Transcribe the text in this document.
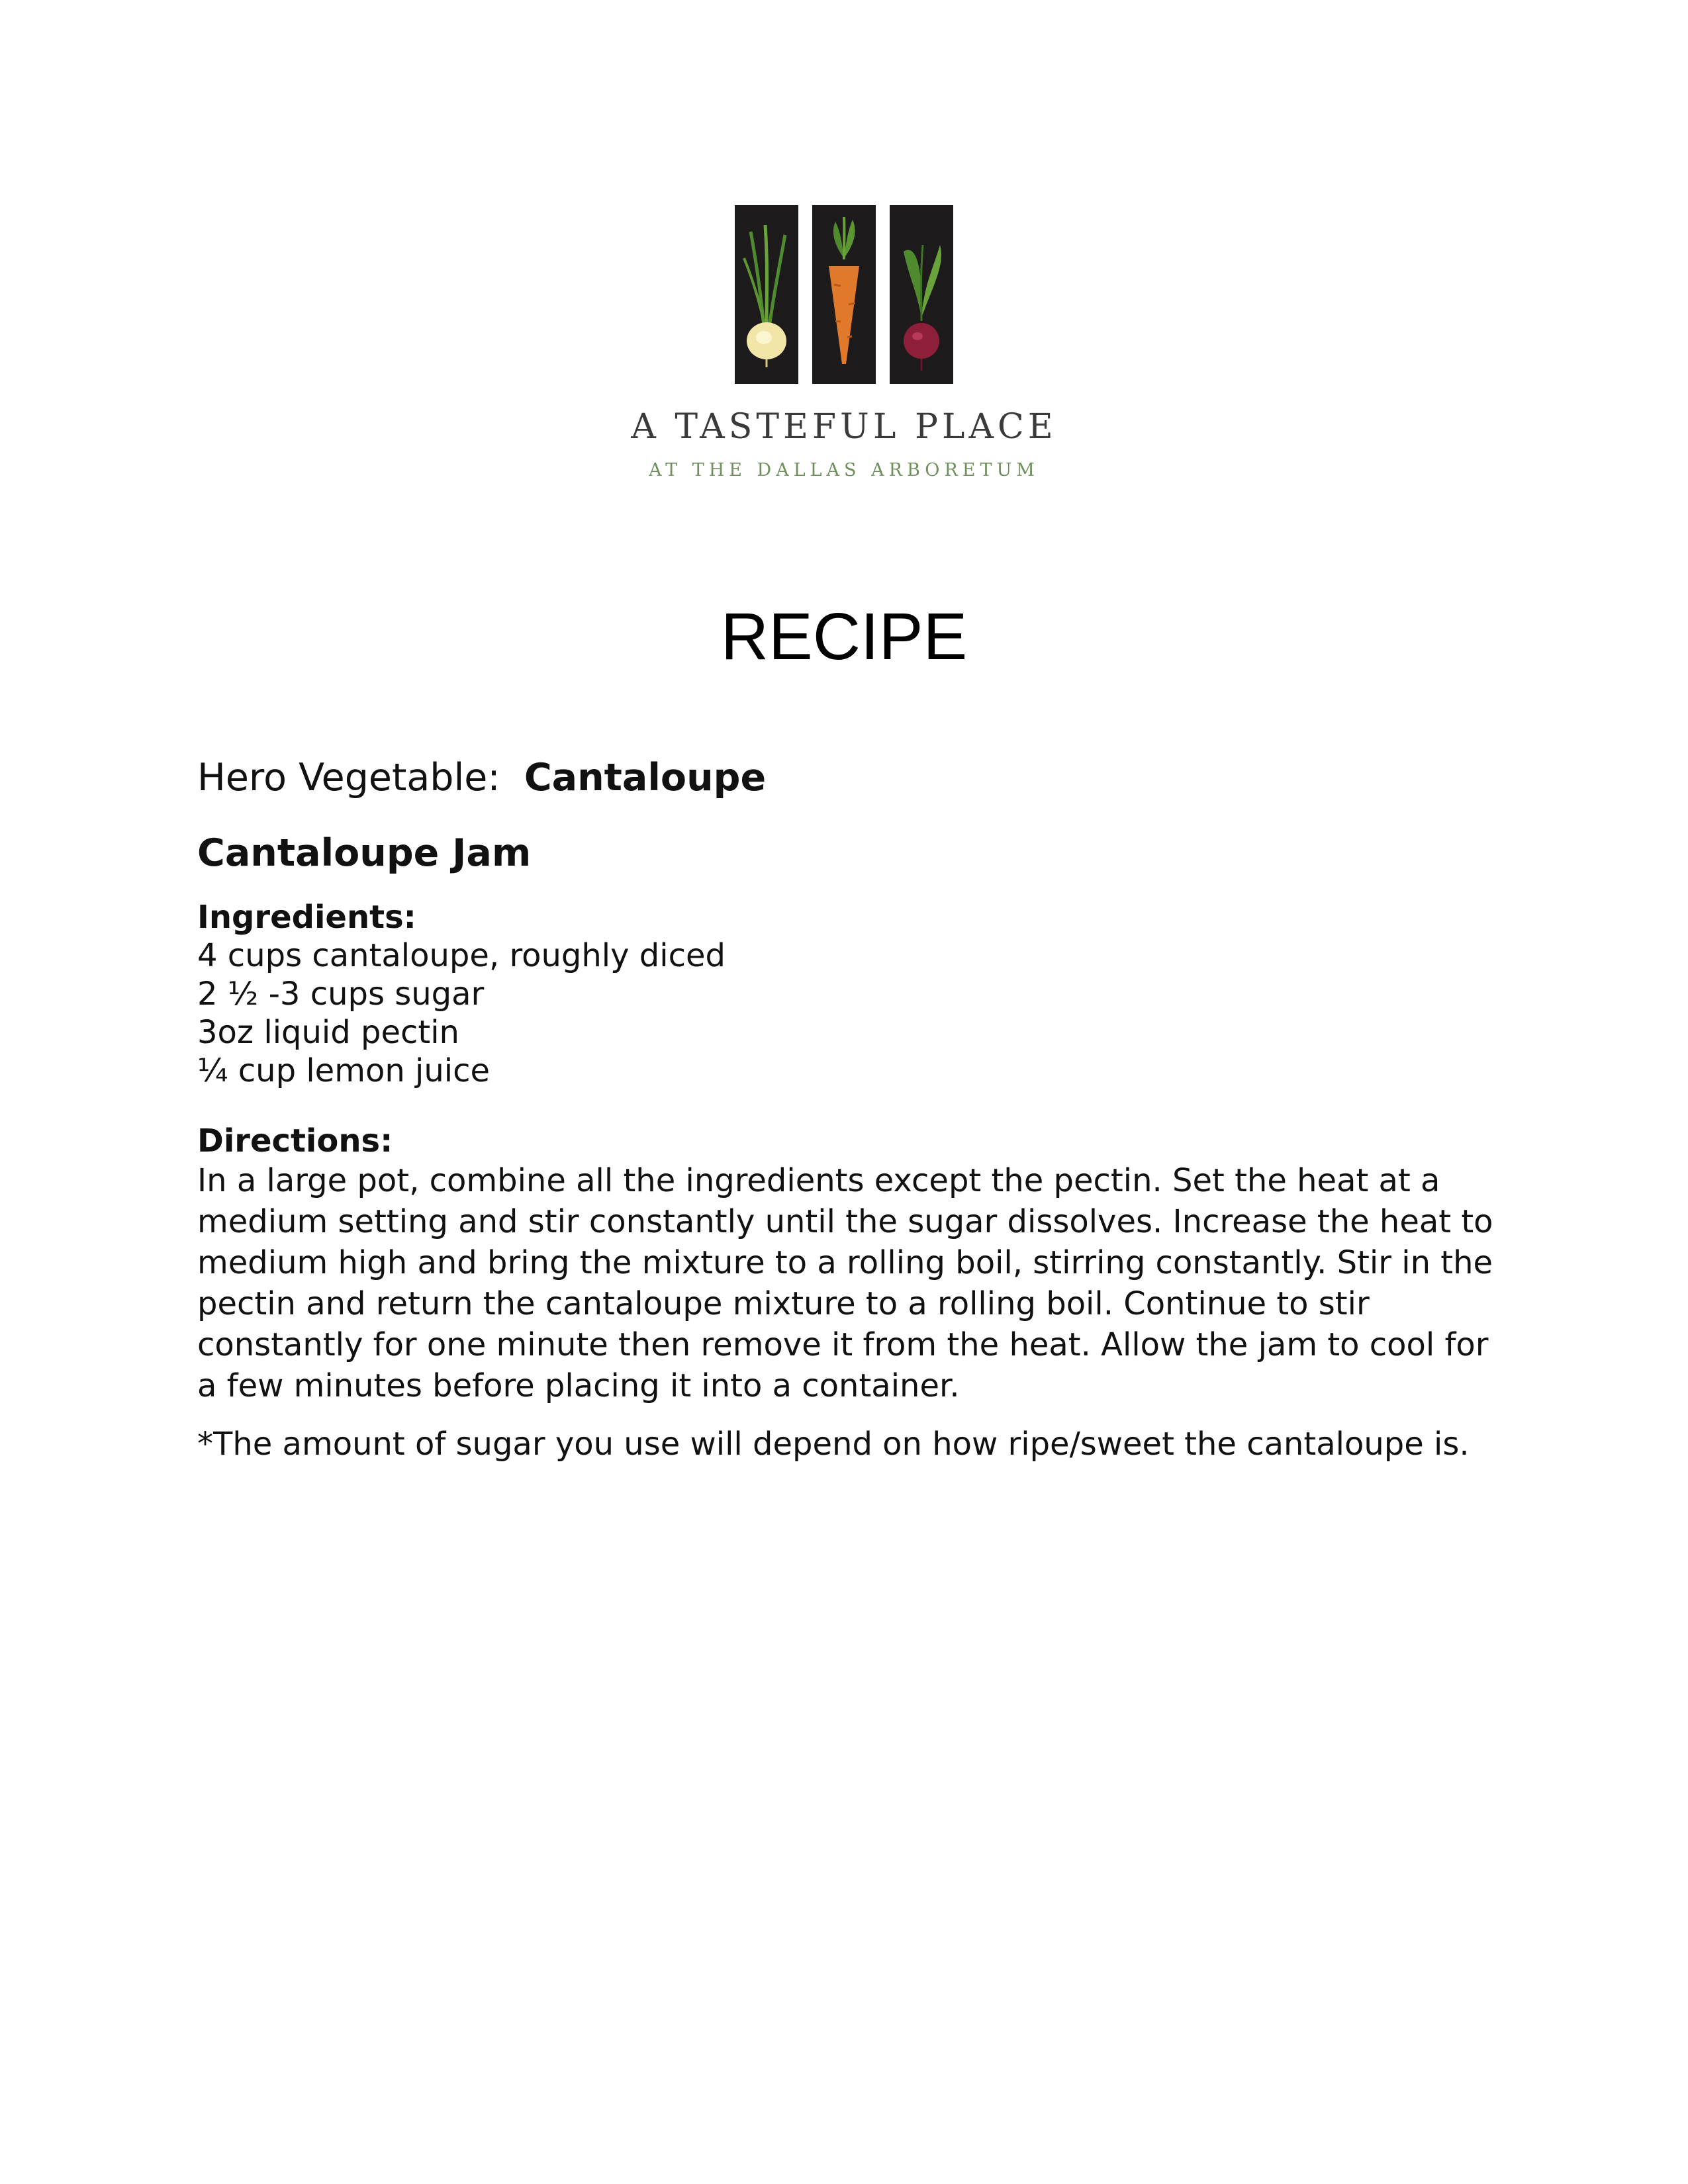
A TASTEFUL PLACE
AT THE DALLAS ARBORETUM
RECIPE
Hero Vegetable: Cantaloupe
Cantaloupe Jam
Ingredients:
4 cups cantaloupe, roughly diced
2 ½ -3 cups sugar
3oz liquid pectin
¼ cup lemon juice
Directions:

In a large pot, combine all the ingredients except the pectin. Set the heat at a medium setting and stir constantly until the sugar dissolves. Increase the heat to medium high and bring the mixture to a rolling boil, stirring constantly. Stir in the pectin and return the cantaloupe mixture to a rolling boil. Continue to stir constantly for one minute then remove it from the heat. Allow the jam to cool for a few minutes before placing it into a container.

*The amount of sugar you use will depend on how ripe/sweet the cantaloupe is.
